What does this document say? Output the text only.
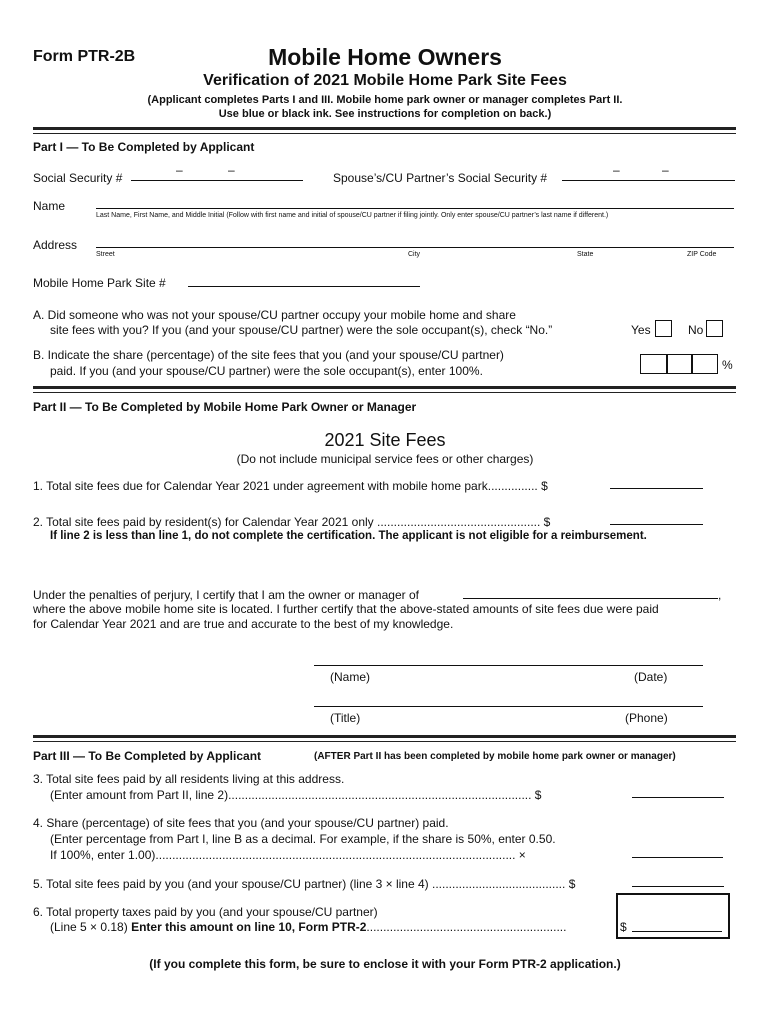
Form PTR-2B	Mobile Home Owners
Verification of 2021 Mobile Home Park Site Fees
(Applicant completes Parts I and III. Mobile home park owner or manager completes Part II.
Use blue or black ink. See instructions for completion on back.)
Part I — To Be Completed by Applicant
Social Security #
–	–
Spouse’s/CU Partner’s Social Security #
–	–
Name
Last Name, First Name, and Middle Initial (Follow with first name and initial of spouse/CU partner if filing jointly. Only enter spouse/CU partner’s last name if different.)
Address
Street	City	State	ZIP Code
Mobile Home Park Site #
A. Did someone who was not your spouse/CU partner occupy your mobile home and share
site fees with you? If you (and your spouse/CU partner) were the sole occupant(s), check “No.”	Yes	No
B. Indicate the share (percentage) of the site fees that you (and your spouse/CU partner)
paid. If you (and your spouse/CU partner) were the sole occupant(s), enter 100%.	%
Part II — To Be Completed by Mobile Home Park Owner or Manager
2021 Site Fees
(Do not include municipal service fees or other charges)
1. Total site fees due for Calendar Year 2021 under agreement with mobile home park............... $
2. Total site fees paid by resident(s) for Calendar Year 2021 only ................................................. $
If line 2 is less than line 1, do not complete the certification. The applicant is not eligible for a reimbursement.
Under the penalties of perjury, I certify that I am the owner or manager of	,
where the above mobile home site is located. I further certify that the above-stated amounts of site fees due were paid
for Calendar Year 2021 and are true and accurate to the best of my knowledge.
(Name)	(Date)
(Title)	(Phone)
Part III — To Be Completed by Applicant	(AFTER Part II has been completed by mobile home park owner or manager)
3. Total site fees paid by all residents living at this address.
(Enter amount from Part II, line 2)........................................................................................... $
4. Share (percentage) of site fees that you (and your spouse/CU partner) paid.
(Enter percentage from Part I, line B as a decimal. For example, if the share is 50%, enter 0.50.
If 100%, enter 1.00)............................................................................................................ ×
5. Total site fees paid by you (and your spouse/CU partner) (line 3 × line 4) ........................................ $
6. Total property taxes paid by you (and your spouse/CU partner)
(Line 5 × 0.18) Enter this amount on line 10, Form PTR-2............................................................	$
(If you complete this form, be sure to enclose it with your Form PTR-2 application.)
